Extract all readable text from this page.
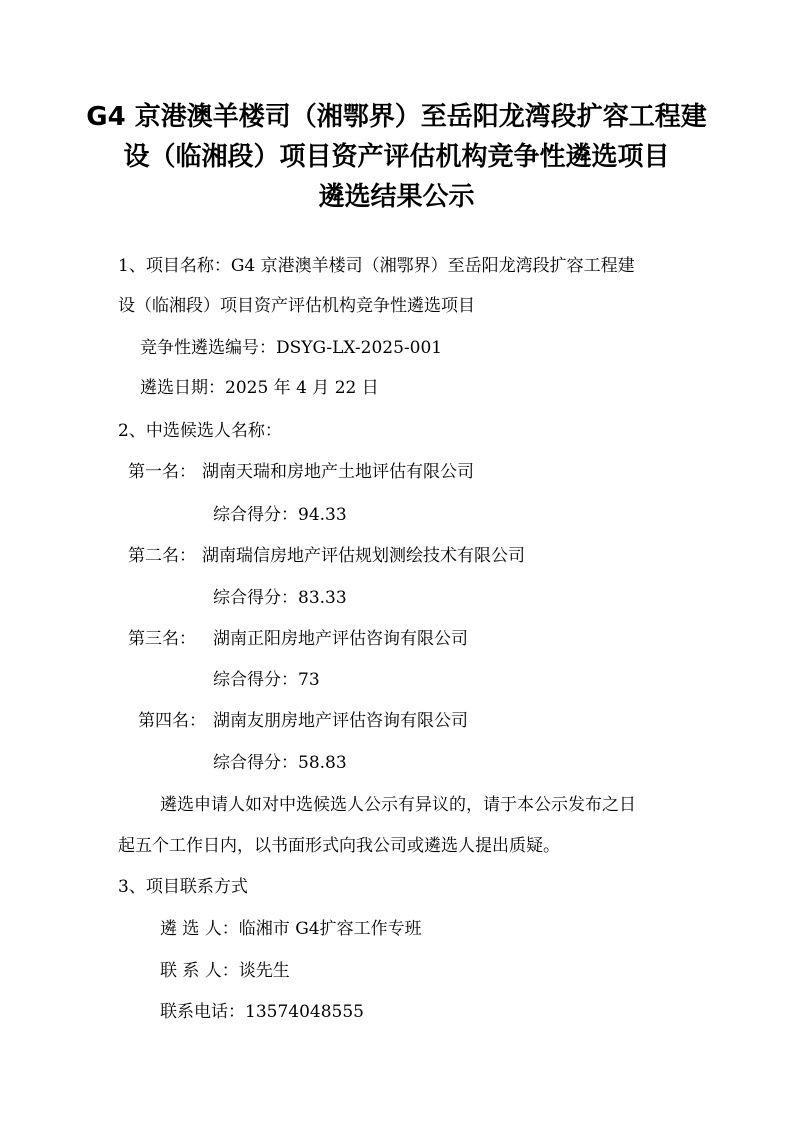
G4 京港澳羊楼司（湘鄂界）至岳阳龙湾段扩容工程建
设（临湘段）项目资产评估机构竞争性遴选项目
遴选结果公示
1、项目名称：G4 京港澳羊楼司（湘鄂界）至岳阳龙湾段扩容工程建
设（临湘段）项目资产评估机构竞争性遴选项目
竞争性遴选编号：DSYG-LX-2025-001
遴选日期：2025 年 4 月 22 日
2、中选候选人名称：
第一名： 湖南天瑞和房地产土地评估有限公司
综合得分：94.33
第二名： 湖南瑞信房地产评估规划测绘技术有限公司
综合得分：83.33
第三名： 湖南正阳房地产评估咨询有限公司
综合得分：73
第四名： 湖南友朋房地产评估咨询有限公司
综合得分：58.83
遴选申请人如对中选候选人公示有异议的，请于本公示发布之日
起五个工作日内，以书面形式向我公司或遴选人提出质疑。
3、项目联系方式
遴 选 人：临湘市 G4扩容工作专班
联 系 人：谈先生
联系电话：13574048555
